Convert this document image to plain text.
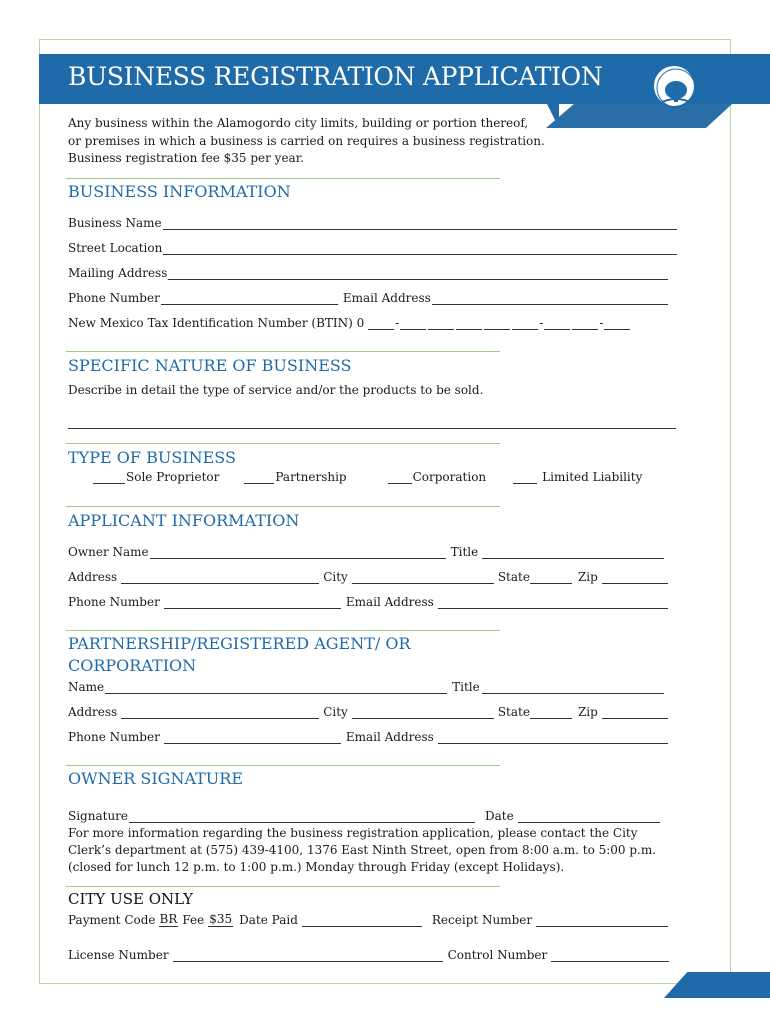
BUSINESS REGISTRATION APPLICATION
Any business within the Alamogordo city limits, building or portion thereof,
or premises in which a business is carried on requires a business registration.
Business registration fee $35 per year.
BUSINESS INFORMATION
Business Name
Street Location
Mailing Address
Phone Number	Email Address
New Mexico Tax Identification Number (BTIN) 0	-	-	-
SPECIFIC NATURE OF BUSINESS
Describe in detail the type of service and/or the products to be sold.
TYPE OF BUSINESS
Sole Proprietor	Partnership	Corporation	Limited Liability
APPLICANT INFORMATION
Owner Name	Title
Address	City	State	Zip
Phone Number	Email Address
PARTNERSHIP/REGISTERED AGENT/ OR
CORPORATION
Name	Title
Address	City	State	Zip
Phone Number	Email Address
OWNER SIGNATURE
Signature	Date
For more information regarding the business registration application, please contact the City
Clerk’s department at (575) 439-4100, 1376 East Ninth Street, open from 8:00 a.m. to 5:00 p.m.
(closed for lunch 12 p.m. to 1:00 p.m.) Monday through Friday (except Holidays).
CITY USE ONLY
Payment Code BR Fee $35 Date Paid	Receipt Number
License Number	Control Number
